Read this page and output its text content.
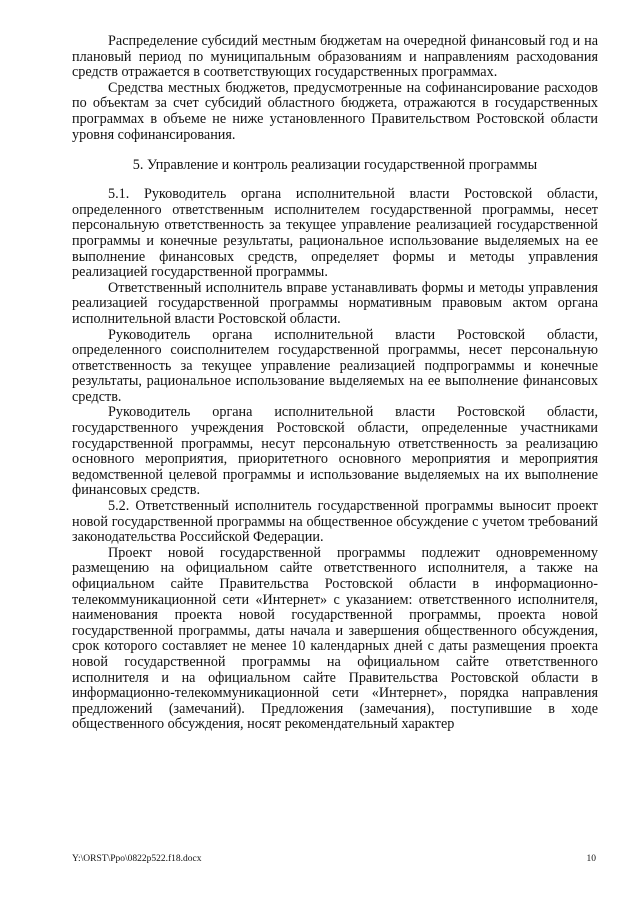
Распределение субсидий местным бюджетам на очередной финансовый год и на плановый период по муниципальным образованиям и направлениям расходования средств отражается в соответствующих государственных программах.

Средства местных бюджетов, предусмотренные на софинансирование расходов по объектам за счет субсидий областного бюджета, отражаются в государственных программах в объеме не ниже установленного Правительством Ростовской области уровня софинансирования.

5. Управление и контроль реализации государственной программы

5.1. Руководитель органа исполнительной власти Ростовской области, определенного ответственным исполнителем государственной программы, несет персональную ответственность за текущее управление реализацией государственной программы и конечные результаты, рациональное использование выделяемых на ее выполнение финансовых средств, определяет формы и методы управления реализацией государственной программы.

Ответственный исполнитель вправе устанавливать формы и методы управления реализацией государственной программы нормативным правовым актом органа исполнительной власти Ростовской области.

Руководитель органа исполнительной власти Ростовской области, определенного соисполнителем государственной программы, несет персональную ответственность за текущее управление реализацией подпрограммы и конечные результаты, рациональное использование выделяемых на ее выполнение финансовых средств.

Руководитель органа исполнительной власти Ростовской области, государственного учреждения Ростовской области, определенные участниками государственной программы, несут персональную ответственность за реализацию основного мероприятия, приоритетного основного мероприятия и мероприятия ведомственной целевой программы и использование выделяемых на их выполнение финансовых средств.

5.2. Ответственный исполнитель государственной программы выносит проект новой государственной программы на общественное обсуждение с учетом требований законодательства Российской Федерации.

Проект новой государственной программы подлежит одновременному размещению на официальном сайте ответственного исполнителя, а также на официальном сайте Правительства Ростовской области в информационно-телекоммуникационной сети «Интернет» с указанием: ответственного исполнителя, наименования проекта новой государственной программы, проекта новой государственной программы, даты начала и завершения общественного обсуждения, срок которого составляет не менее 10 календарных дней с даты размещения проекта новой государственной программы на официальном сайте ответственного исполнителя и на официальном сайте Правительства Ростовской области в информационно-телекоммуникационной сети «Интернет», порядка направления предложений (замечаний). Предложения (замечания), поступившие в ходе общественного обсуждения, носят рекомендательный характер

Y:\ORST\Ppo\0822p522.f18.docx	10
